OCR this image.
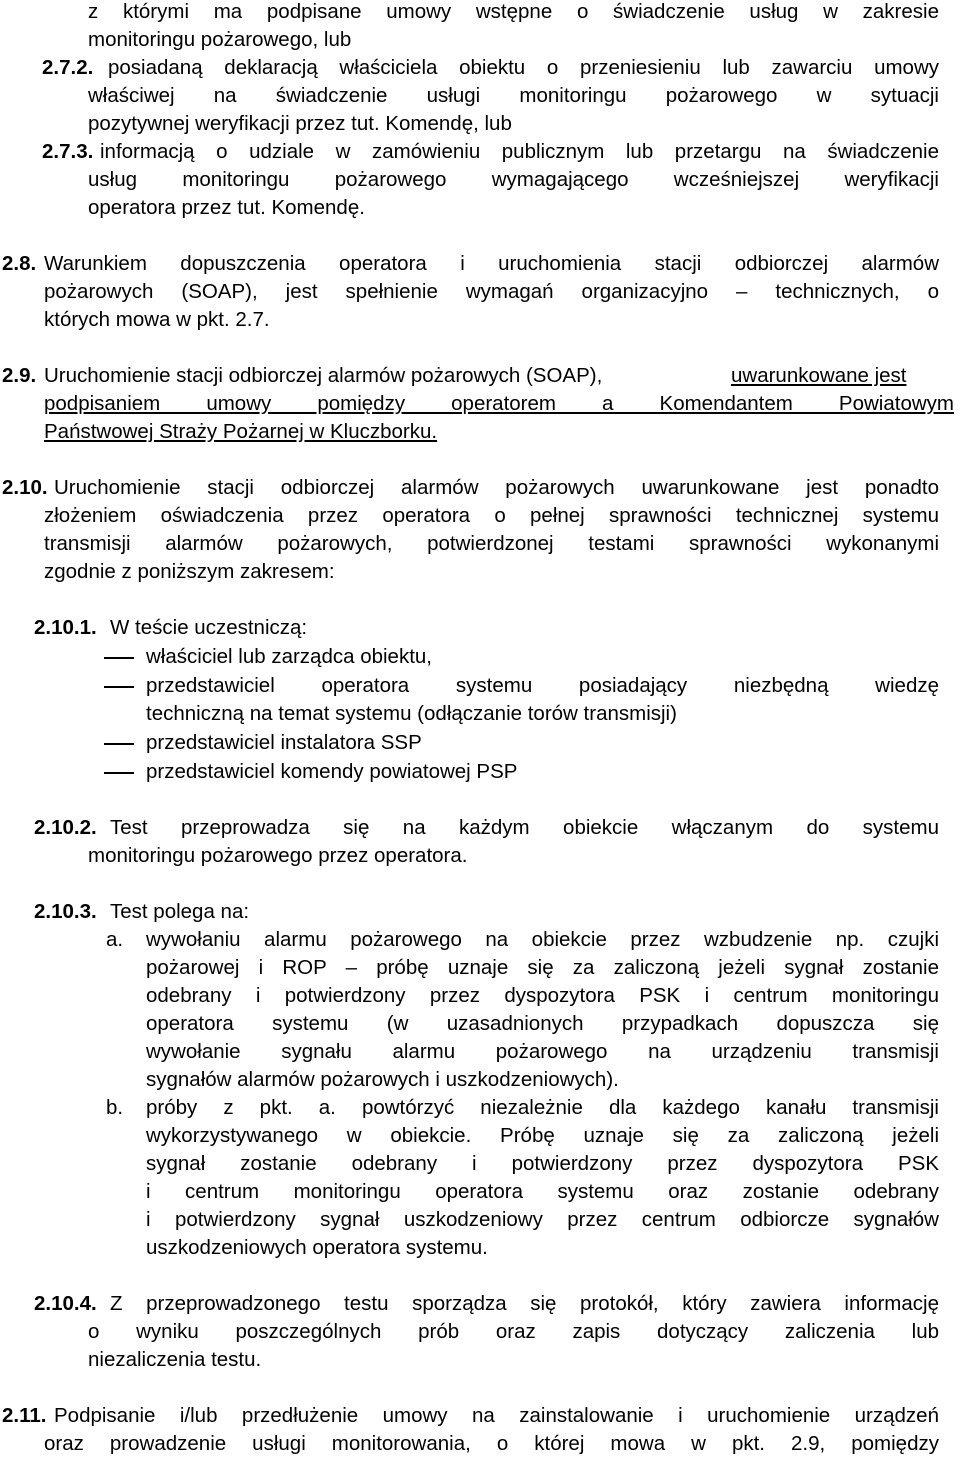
z którymi ma podpisane umowy wstępne o świadczenie usług w zakresie
monitoringu pożarowego, lub
2.7.2. posiadaną deklaracją właściciela obiektu o przeniesieniu lub zawarciu umowy
właściwej na świadczenie usługi monitoringu pożarowego w sytuacji
pozytywnej weryfikacji przez tut. Komendę, lub
2.7.3. informacją o udziale w zamówieniu publicznym lub przetargu na świadczenie
usług monitoringu pożarowego wymagającego wcześniejszej weryfikacji
operatora przez tut. Komendę.
2.8. Warunkiem dopuszczenia operatora i uruchomienia stacji odbiorczej alarmów
pożarowych (SOAP), jest spełnienie wymagań organizacyjno – technicznych, o
których mowa w pkt. 2.7.
2.9. Uruchomienie stacji odbiorczej alarmów pożarowych (SOAP),	uwarunkowane jest
podpisaniem umowy pomiędzy operatorem a Komendantem Powiatowym
Państwowej Straży Pożarnej w Kluczborku.
2.10. Uruchomienie stacji odbiorczej alarmów pożarowych uwarunkowane jest ponadto
złożeniem oświadczenia przez operatora o pełnej sprawności technicznej systemu
transmisji alarmów pożarowych, potwierdzonej testami sprawności wykonanymi
zgodnie z poniższym zakresem:
2.10.1. W teście uczestniczą:
właściciel lub zarządca obiektu,
przedstawiciel operatora systemu posiadający niezbędną wiedzę
techniczną na temat systemu (odłączanie torów transmisji)
przedstawiciel instalatora SSP
przedstawiciel komendy powiatowej PSP
2.10.2. Test przeprowadza się na każdym obiekcie włączanym do systemu
monitoringu pożarowego przez operatora.
2.10.3. Test polega na:
a. wywołaniu alarmu pożarowego na obiekcie przez wzbudzenie np. czujki
pożarowej i ROP – próbę uznaje się za zaliczoną jeżeli sygnał zostanie
odebrany i potwierdzony przez dyspozytora PSK i centrum monitoringu
operatora systemu (w uzasadnionych przypadkach dopuszcza się
wywołanie sygnału alarmu pożarowego na urządzeniu transmisji
sygnałów alarmów pożarowych i uszkodzeniowych).
b. próby z pkt. a. powtórzyć niezależnie dla każdego kanału transmisji
wykorzystywanego w obiekcie. Próbę uznaje się za zaliczoną jeżeli
sygnał zostanie odebrany i potwierdzony przez dyspozytora PSK
i centrum monitoringu operatora systemu oraz zostanie odebrany
i potwierdzony sygnał uszkodzeniowy przez centrum odbiorcze sygnałów
uszkodzeniowych operatora systemu.
2.10.4. Z przeprowadzonego testu sporządza się protokół, który zawiera informację
o wyniku poszczególnych prób oraz zapis dotyczący zaliczenia lub
niezaliczenia testu.
2.11. Podpisanie i/lub przedłużenie umowy na zainstalowanie i uruchomienie urządzeń
oraz prowadzenie usługi monitorowania, o której mowa w pkt. 2.9, pomiędzy
